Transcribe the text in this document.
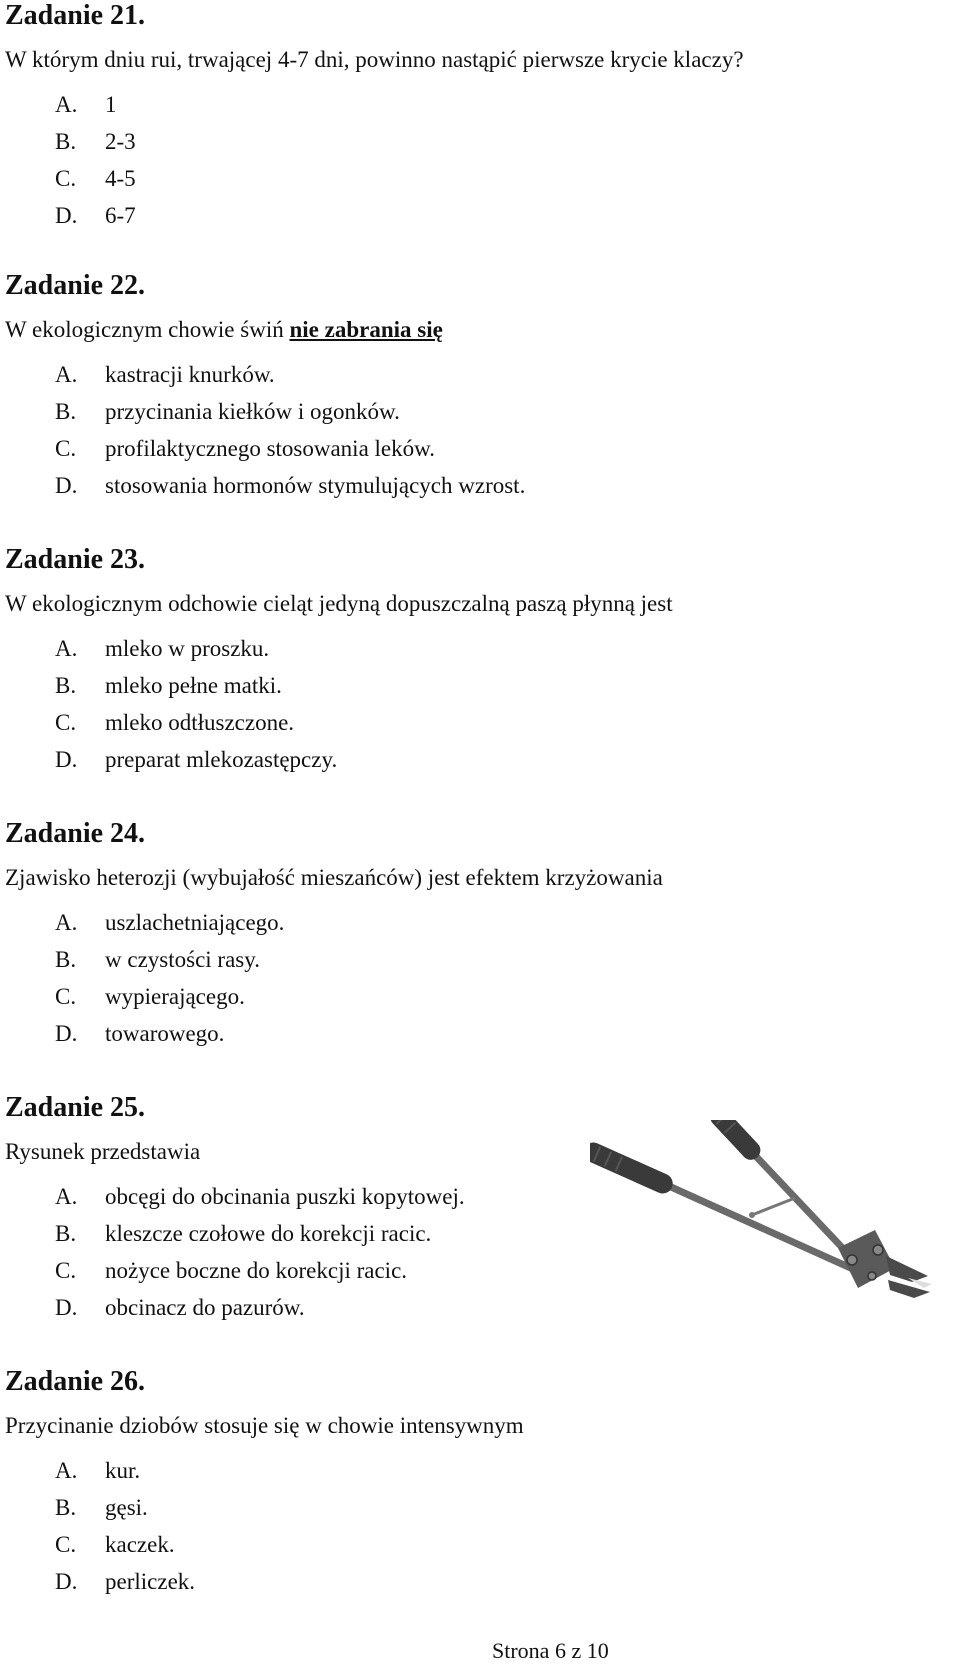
Zadanie 21.
W którym dniu rui, trwającej 4-7 dni, powinno nastąpić pierwsze krycie klaczy?
A.	1
B.	2-3
C.	4-5
D.	6-7
Zadanie 22.
W ekologicznym chowie świń nie zabrania się
A.	kastracji knurków.
B.	przycinania kiełków i ogonków.
C.	profilaktycznego stosowania leków.
D.	stosowania hormonów stymulujących wzrost.
Zadanie 23.
W ekologicznym odchowie cieląt jedyną dopuszczalną paszą płynną jest
A.	mleko w proszku.
B.	mleko pełne matki.
C.	mleko odtłuszczone.
D.	preparat mlekozastępczy.
Zadanie 24.
Zjawisko heterozji (wybujałość mieszańców) jest efektem krzyżowania
A.	uszlachetniającego.
B.	w czystości rasy.
C.	wypierającego.
D.	towarowego.
Zadanie 25.
Rysunek przedstawia
A.	obcęgi do obcinania puszki kopytowej.
B.	kleszcze czołowe do korekcji racic.
C.	nożyce boczne do korekcji racic.
D.	obcinacz do pazurów.
Zadanie 26.
Przycinanie dziobów stosuje się w chowie intensywnym
A.	kur.
B.	gęsi.
C.	kaczek.
D.	perliczek.
Strona 6 z 10
